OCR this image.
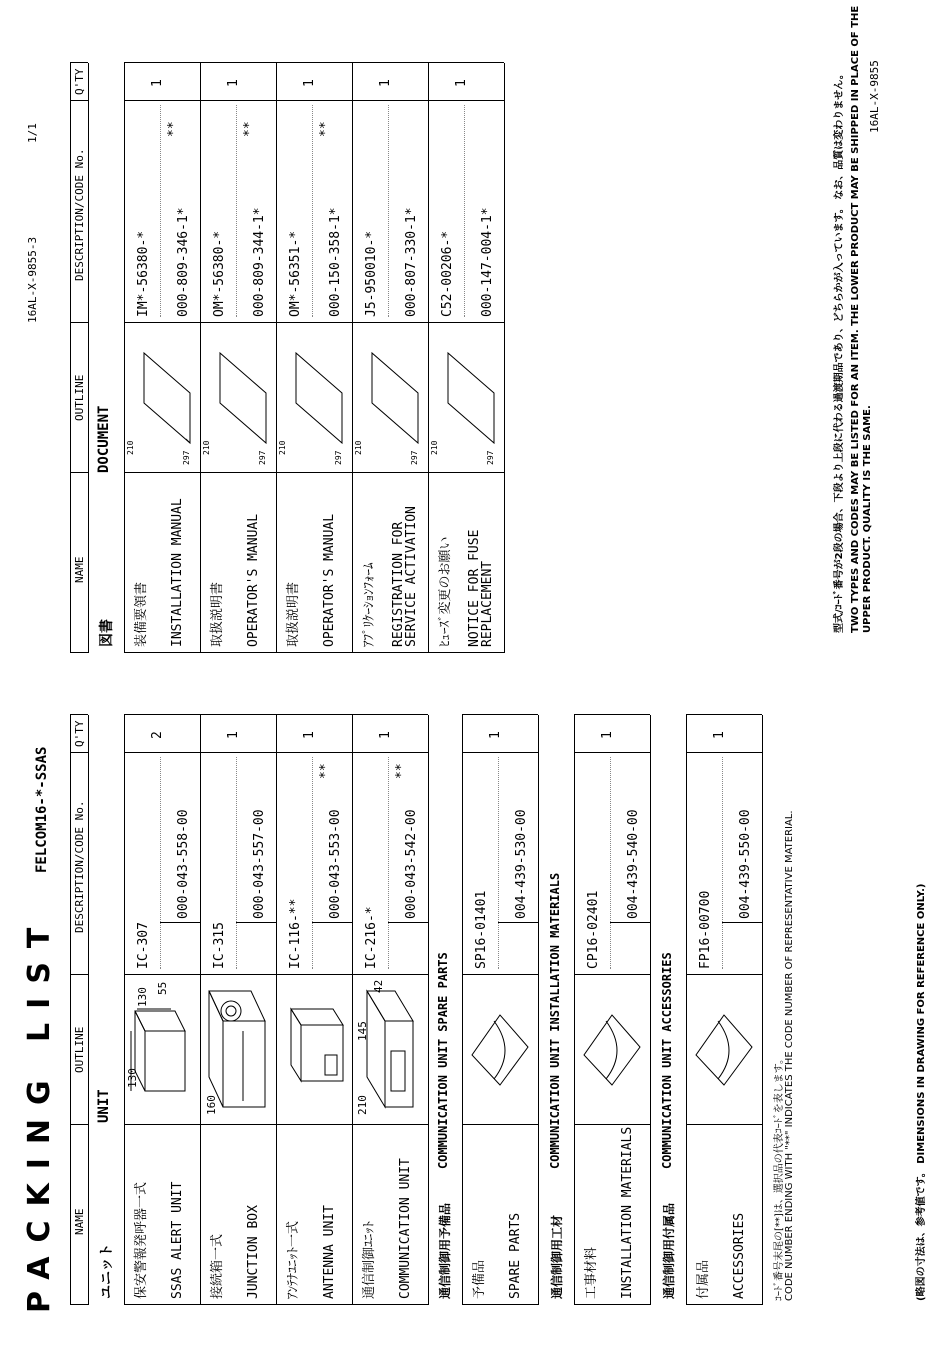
PACKING LIST
FELCOM16-*-SSAS
16AL-X-9855-3
1/1
NAME
OUTLINE
DESCRIPTION/CODE No.
Q'TY
ユニット
UNIT
保安警報発呼器一式 SSAS ALERT UNIT
IC-307
000-043-558-00
2
130
130 55
接続箱一式 JUNCTION BOX
IC-315
000-043-557-00
1
160
ｱﾝﾃﾅﾕﾆｯﾄ一式 ANTENNA UNIT
IC-116-**
000-043-553-00
**
1
通信制御ﾕﾆｯﾄ COMMUNICATION UNIT
IC-216-*
000-043-542-00
**
1
210
145
42
通信制御用予備品
COMMUNICATION UNIT SPARE PARTS
予備品 SPARE PARTS
SP16-01401
004-439-530-00
1
通信制御用工材
COMMUNICATION UNIT INSTALLATION MATERIALS
工事材料 INSTALLATION MATERIALS
CP16-02401
004-439-540-00
1
通信制御用付属品
COMMUNICATION UNIT ACCESSORIES
付属品 ACCESSORIES
FP16-00700
004-439-550-00
1
ｺｰﾄﾞ番号末尾の[**]は、選択品の代表ｺｰﾄﾞを表します。 CODE NUMBER ENDING WITH "**" INDICATES THE CODE NUMBER OF REPRESENTATIVE MATERIAL.
NAME
OUTLINE
DESCRIPTION/CODE No.
Q'TY
図書
DOCUMENT
装備要領書 INSTALLATION MANUAL
IM*-56380-* 000-809-346-1*
**
1
210
297
取扱説明書 OPERATOR'S MANUAL
OM*-56380-* 000-809-344-1*
**
1
210
297
取扱説明書 OPERATOR'S MANUAL
OM*-56351-* 000-150-358-1*
**
1
210
297
ｱﾌﾟﾘｹｰｼｮﾝﾌｫｰﾑ REGISTRATION FOR SERVICE ACTIVATION
J5-950010-* 000-807-330-1*
1
210
297
ﾋｭｰｽﾞ変更のお願い NOTICE FOR FUSE REPLACEMENT
C52-00206-* 000-147-004-1*
1
210
297	型式/ｺｰﾄﾞ番号が2段の場合、下段より上段に代わる過渡期品であり、どちらかが入っています。 なお、品質は変わりません。 TWO TYPES AND CODES MAY BE LISTED FOR AN ITEM. THE LOWER PRODUCT MAY BE SHIPPED IN PLACE OF THE UPPER PRODUCT. QUALITY IS THE SAME.
16AL-X-9855
(略図の寸法は、参考値です。 DIMENSIONS IN DRAWING FOR REFERENCE ONLY.)
